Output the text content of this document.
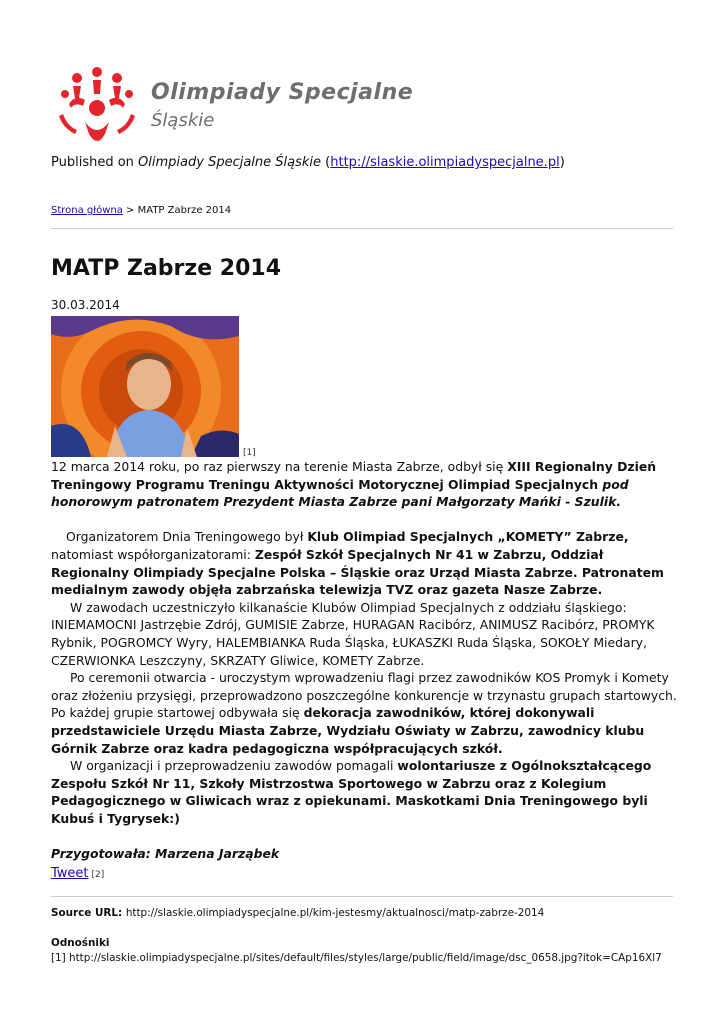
Olimpiady Specjalne
Śląskie
Published on Olimpiady Specjalne Śląskie (http://slaskie.olimpiadyspecjalne.pl)
Strona główna > MATP Zabrze 2014
MATP Zabrze 2014
30.03.2014
[1]

12 marca 2014 roku, po raz pierwszy na terenie Miasta Zabrze, odbył się XIII Regionalny Dzień
Treningowy Programu Treningu Aktywności Motorycznej Olimpiad Specjalnych pod
honorowym patronatem Prezydent Miasta Zabrze pani Małgorzaty Mańki - Szulik.

Organizatorem Dnia Treningowego był Klub Olimpiad Specjalnych „KOMETY” Zabrze,
natomiast współorganizatorami: Zespół Szkół Specjalnych Nr 41 w Zabrzu, Oddział
Regionalny Olimpiady Specjalne Polska – Śląskie oraz Urząd Miasta Zabrze. Patronatem
medialnym zawody objęła zabrzańska telewizja TVZ oraz gazeta Nasze Zabrze.

W zawodach uczestniczyło kilkanaście Klubów Olimpiad Specjalnych z oddziału śląskiego:
INIEMAMOCNI Jastrzębie Zdrój, GUMISIE Zabrze, HURAGAN Racibórz, ANIMUSZ Racibórz, PROMYK
Rybnik, POGROMCY Wyry, HALEMBIANKA Ruda Śląska, ŁUKASZKI Ruda Śląska, SOKOŁY Miedary,
CZERWIONKA Leszczyny, SKRZATY Gliwice, KOMETY Zabrze.

Po ceremonii otwarcia - uroczystym wprowadzeniu flagi przez zawodników KOS Promyk i Komety
oraz złożeniu przysięgi, przeprowadzono poszczególne konkurencje w trzynastu grupach startowych.
Po każdej grupie startowej odbywała się dekoracja zawodników, której dokonywali
przedstawiciele Urzędu Miasta Zabrze, Wydziału Oświaty w Zabrzu, zawodnicy klubu
Górnik Zabrze oraz kadra pedagogiczna współpracujących szkół.

W organizacji i przeprowadzeniu zawodów pomagali wolontariusze z Ogólnokształcącego
Zespołu Szkół Nr 11, Szkoły Mistrzostwa Sportowego w Zabrzu oraz z Kolegium
Pedagogicznego w Gliwicach wraz z opiekunami. Maskotkami Dnia Treningowego byli
Kubuś i Tygrysek:)

Przygotowała: Marzena Jarząbek

Tweet [2]
Source URL: http://slaskie.olimpiadyspecjalne.pl/kim-jestesmy/aktualnosci/matp-zabrze-2014
Odnośniki
[1] http://slaskie.olimpiadyspecjalne.pl/sites/default/files/styles/large/public/field/image/dsc_0658.jpg?itok=CAp16Xl7
